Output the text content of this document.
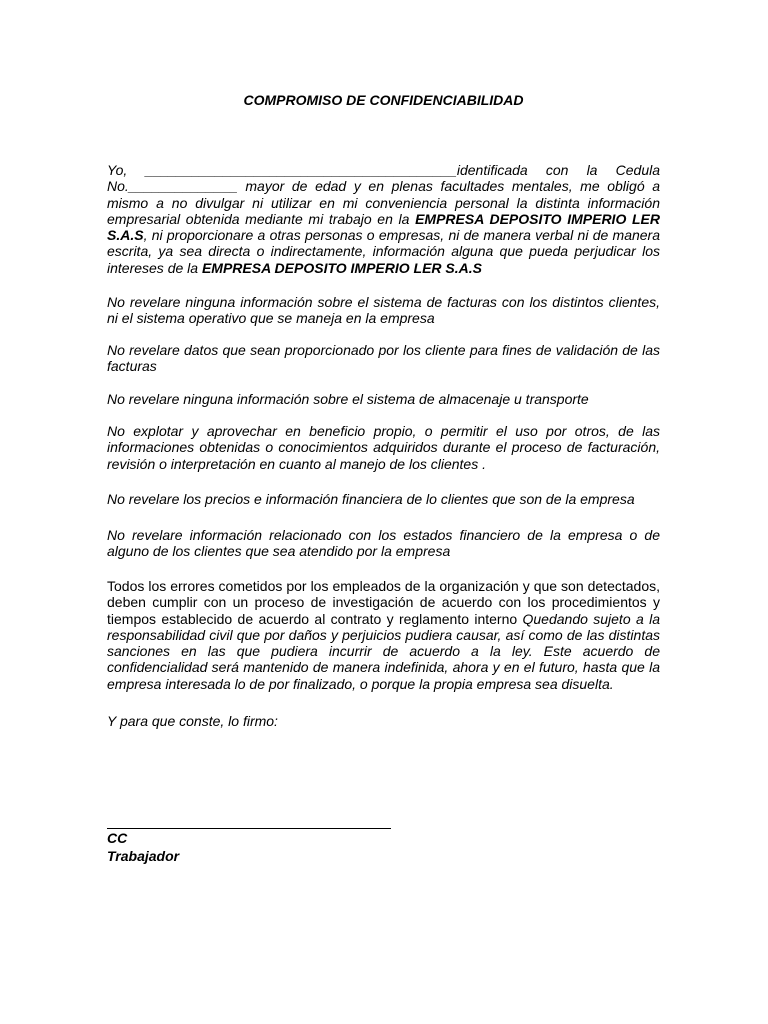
COMPROMISO DE CONFIDENCIABILIDAD

Yo, ________________________________________identificada con la Cedula No.______________ mayor de edad y en plenas facultades mentales, me obligó a mismo a no divulgar ni utilizar en mi conveniencia personal la distinta información empresarial obtenida mediante mi trabajo en la EMPRESA DEPOSITO IMPERIO LER S.A.S, ni proporcionare a otras personas o empresas, ni de manera verbal ni de manera escrita, ya sea directa o indirectamente, información alguna que pueda perjudicar los intereses de la EMPRESA DEPOSITO IMPERIO LER S.A.S

No revelare ninguna información sobre el sistema de facturas con los distintos clientes, ni el sistema operativo que se maneja en la empresa

No revelare datos que sean proporcionado por los cliente para fines de validación de las facturas

No revelare ninguna información sobre el sistema de almacenaje u transporte

No explotar y aprovechar en beneficio propio, o permitir el uso por otros, de las informaciones obtenidas o conocimientos adquiridos durante el proceso de facturación, revisión o interpretación en cuanto al manejo de los clientes .

No revelare los precios e información financiera de lo clientes que son de la empresa

No revelare información relacionado con los estados financiero de la empresa o de alguno de los clientes que sea atendido por la empresa

Todos los errores cometidos por los empleados de la organización y que son detectados, deben cumplir con un proceso de investigación de acuerdo con los procedimientos y tiempos establecido de acuerdo al contrato y reglamento interno Quedando sujeto a la responsabilidad civil que por daños y perjuicios pudiera causar, así como de las distintas sanciones en las que pudiera incurrir de acuerdo a la ley. Este acuerdo de confidencialidad será mantenido de manera indefinida, ahora y en el futuro, hasta que la empresa interesada lo de por finalizado, o porque la propia empresa sea disuelta.

Y para que conste, lo firmo:

CC
Trabajador
